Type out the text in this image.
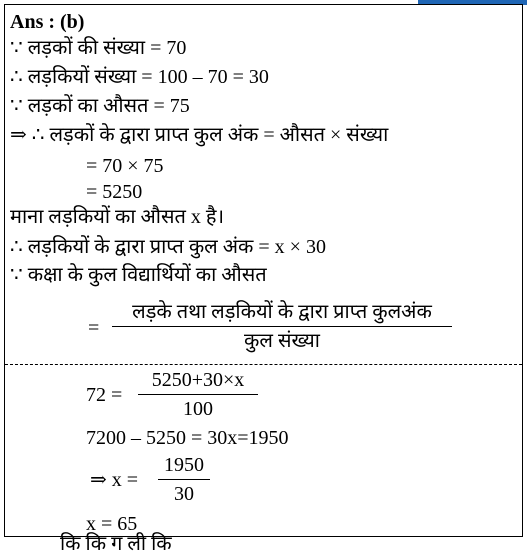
Ans : (b)
∵ लड़कों की संख्या = 70
∴ लड़कियों संख्या = 100 – 70 = 30
∵ लड़कों का औसत = 75
⇒ ∴ लड़कों के द्वारा प्राप्त कुल अंक = औसत × संख्या
= 70 × 75
= 5250
माना लड़कियों का औसत x है।
∴ लड़कियों के द्वारा प्राप्त कुल अंक = x × 30
∵ कक्षा के कुल विद्यार्थियों का औसत
=
लड़के तथा लड़कियों के द्वारा प्राप्त कुलअंक
कुल संख्या
$72 = \frac{5250+30\times x}{100}$
7200 – 5250 = 30x=1950
⇒ $x = \frac{1950}{30}$
x = 65
कि कि ग ली कि
